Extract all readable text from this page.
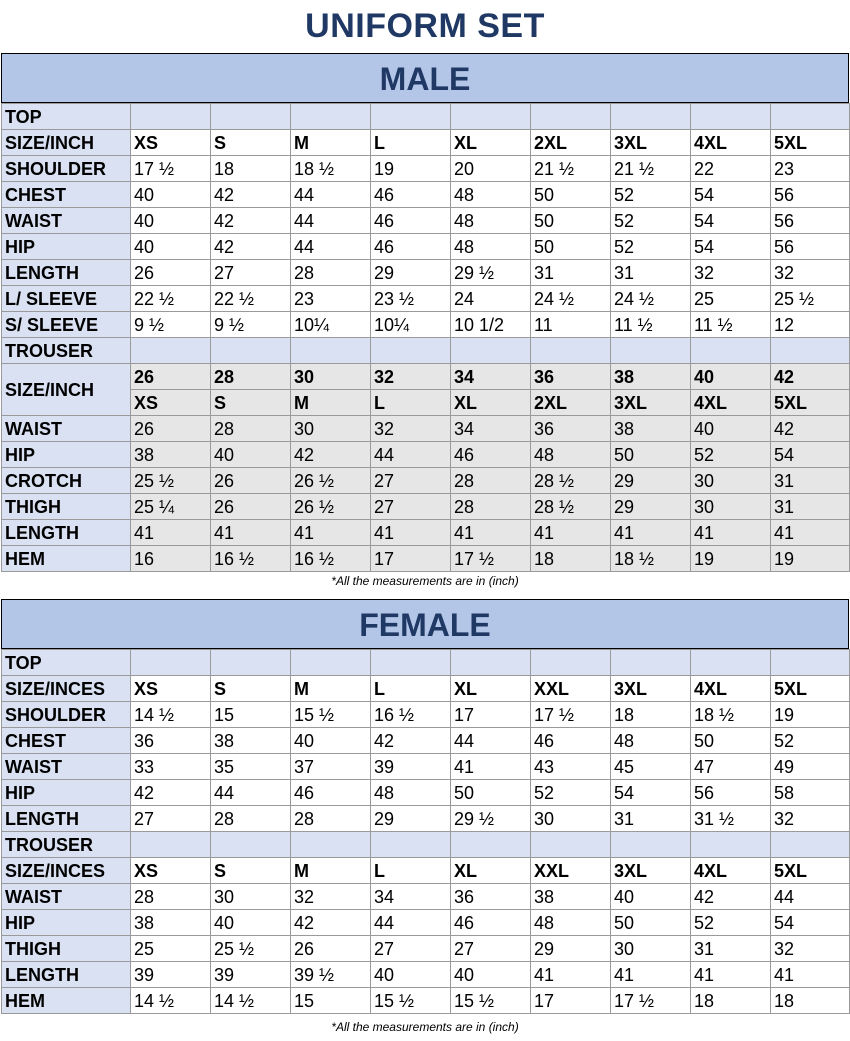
UNIFORM SET
MALE
TOP									
SIZE/INCH	XS	S	M	L	XL	2XL	3XL	4XL	5XL
SHOULDER	17 ½	18	18 ½	19	20	21 ½	21 ½	22	23
CHEST	40	42	44	46	48	50	52	54	56
WAIST	40	42	44	46	48	50	52	54	56
HIP	40	42	44	46	48	50	52	54	56
LENGTH	26	27	28	29	29 ½	31	31	32	32
L/ SLEEVE	22 ½	22 ½	23	23 ½	24	24 ½	24 ½	25	25 ½
S/ SLEEVE	9 ½	9 ½	10¼	10¼	10 1/2	11	11 ½	11 ½	12
TROUSER									
SIZE/INCH	26	28	30	32	34	36	38	40	42
	XS	S	M	L	XL	2XL	3XL	4XL	5XL
WAIST	26	28	30	32	34	36	38	40	42
HIP	38	40	42	44	46	48	50	52	54
CROTCH	25 ½	26	26 ½	27	28	28 ½	29	30	31
THIGH	25 ¼	26	26 ½	27	28	28 ½	29	30	31
LENGTH	41	41	41	41	41	41	41	41	41
HEM	16	16 ½	16 ½	17	17 ½	18	18 ½	19	19
*All the measurements are in (inch)
FEMALE
TOP									
SIZE/INCES	XS	S	M	L	XL	XXL	3XL	4XL	5XL
SHOULDER	14 ½	15	15 ½	16 ½	17	17 ½	18	18 ½	19
CHEST	36	38	40	42	44	46	48	50	52
WAIST	33	35	37	39	41	43	45	47	49
HIP	42	44	46	48	50	52	54	56	58
LENGTH	27	28	28	29	29 ½	30	31	31 ½	32
TROUSER									
SIZE/INCES	XS	S	M	L	XL	XXL	3XL	4XL	5XL
WAIST	28	30	32	34	36	38	40	42	44
HIP	38	40	42	44	46	48	50	52	54
THIGH	25	25 ½	26	27	27	29	30	31	32
LENGTH	39	39	39 ½	40	40	41	41	41	41
HEM	14 ½	14 ½	15	15 ½	15 ½	17	17 ½	18	18
*All the measurements are in (inch)
